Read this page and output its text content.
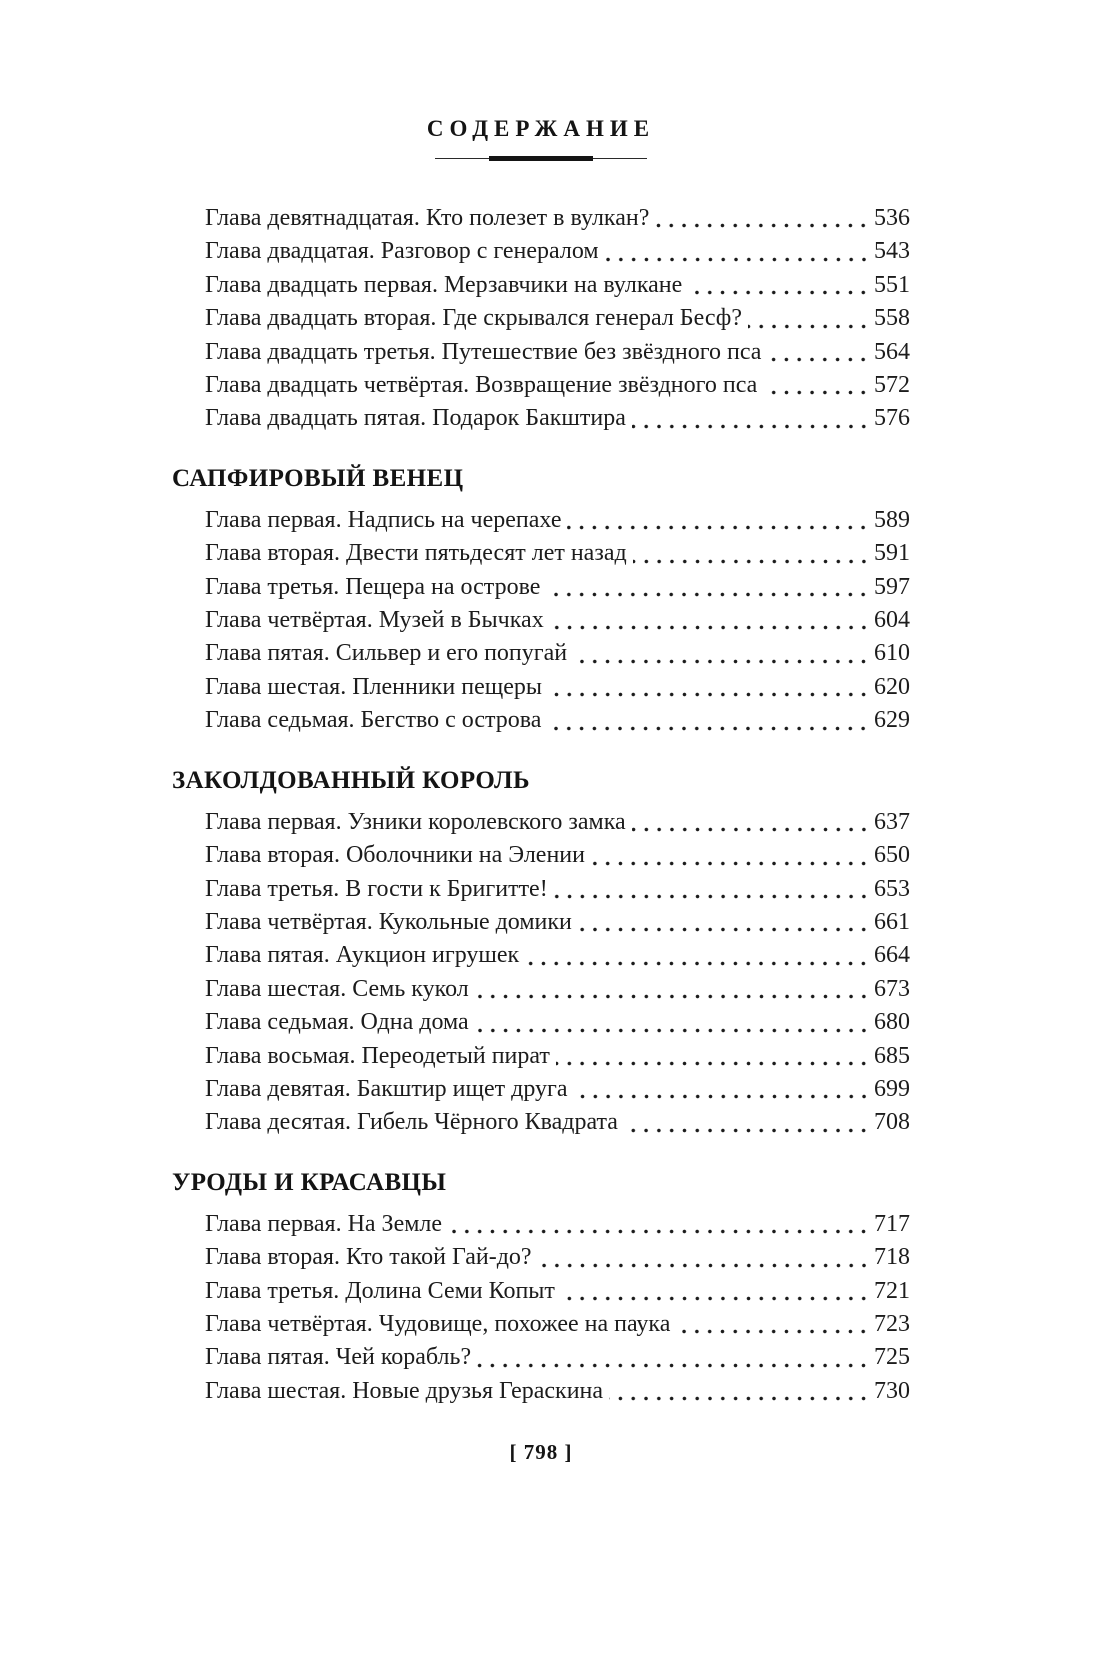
СОДЕРЖАНИЕ
Глава девятнадцатая. Кто полезет в вулкан?	536
Глава двадцатая. Разговор с генералом	543
Глава двадцать первая. Мерзавчики на вулкане	551
Глава двадцать вторая. Где скрывался генерал Бесф?	558
Глава двадцать третья. Путешествие без звёздного пса	564
Глава двадцать четвёртая. Возвращение звёздного пса	572
Глава двадцать пятая. Подарок Бакштира	576
САПФИРОВЫЙ ВЕНЕЦ
Глава первая. Надпись на черепахе	589
Глава вторая. Двести пятьдесят лет назад	591
Глава третья. Пещера на острове	597
Глава четвёртая. Музей в Бычках	604
Глава пятая. Сильвер и его попугай	610
Глава шестая. Пленники пещеры	620
Глава седьмая. Бегство с острова	629
ЗАКОЛДОВАННЫЙ КОРОЛЬ
Глава первая. Узники королевского замка	637
Глава вторая. Оболочники на Элении	650
Глава третья. В гости к Бригитте!	653
Глава четвёртая. Кукольные домики	661
Глава пятая. Аукцион игрушек	664
Глава шестая. Семь кукол	673
Глава седьмая. Одна дома	680
Глава восьмая. Переодетый пират	685
Глава девятая. Бакштир ищет друга	699
Глава десятая. Гибель Чёрного Квадрата	708
УРОДЫ И КРАСАВЦЫ
Глава первая. На Земле	717
Глава вторая. Кто такой Гай-до?	718
Глава третья. Долина Семи Копыт	721
Глава четвёртая. Чудовище, похожее на паука	723
Глава пятая. Чей корабль?	725
Глава шестая. Новые друзья Гераскина	730
[ 798 ]
